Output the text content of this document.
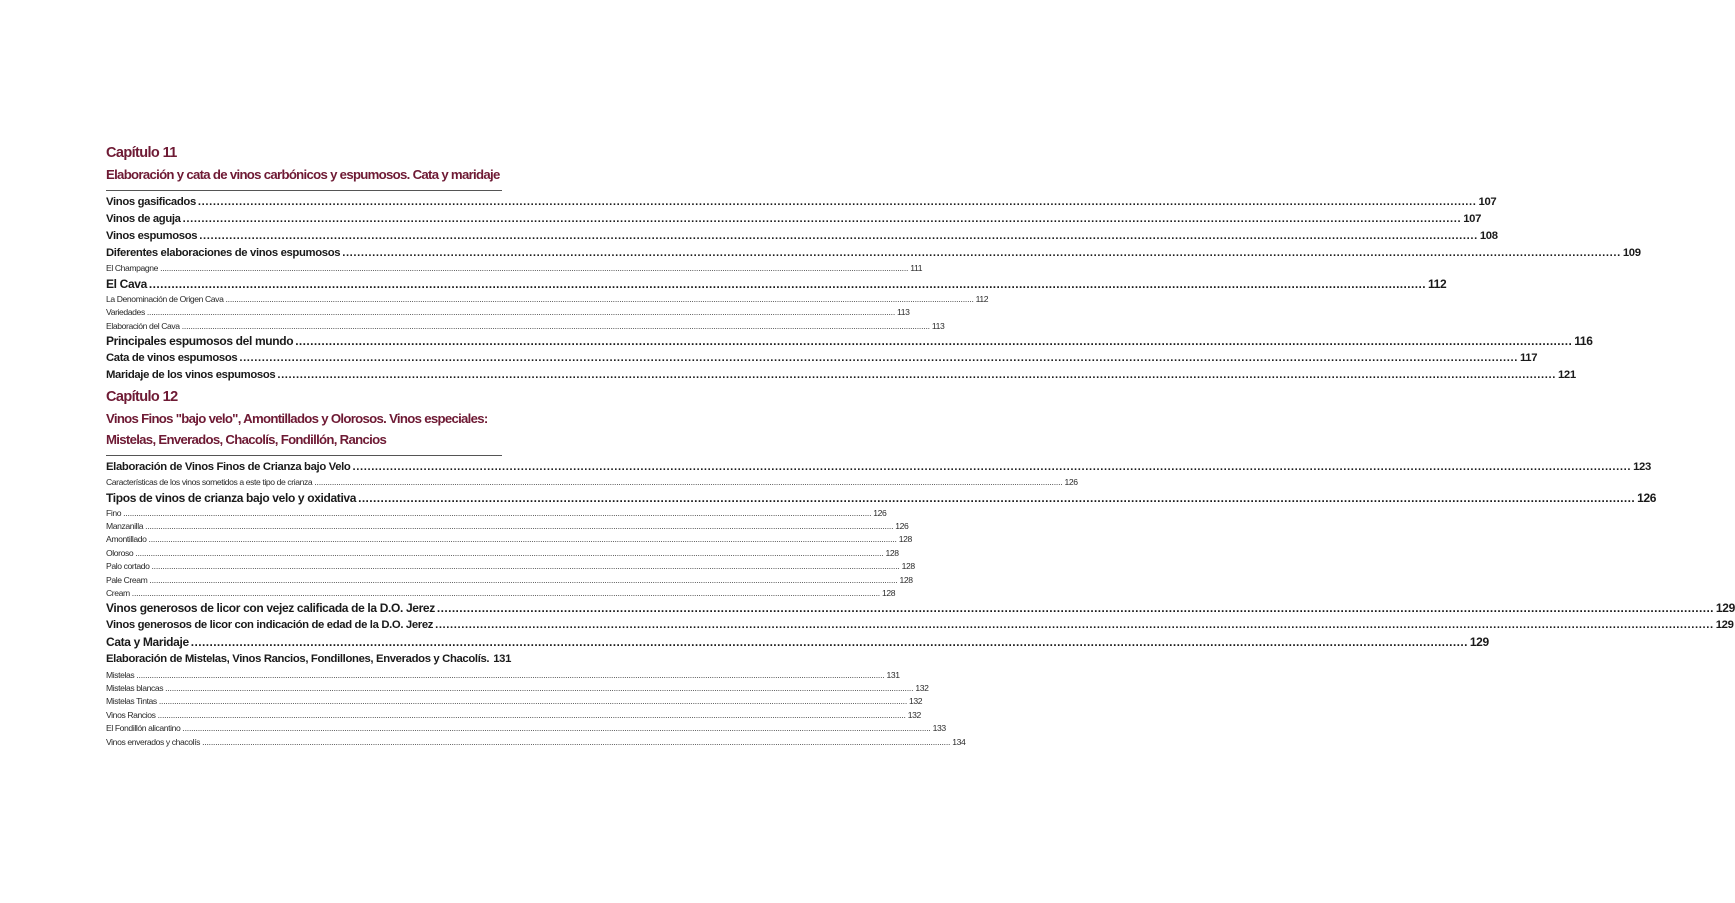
Capítulo 11
Elaboración y cata de vinos carbónicos y espumosos. Cata y maridaje
Vinos gasificados .....	107
Vinos de aguja .....	107
Vinos espumosos .....	108
Diferentes elaboraciones de vinos espumosos .....	109
El Champagne .....	111
El Cava .....	112
La Denominación de Origen Cava .....	112
Variedades .....	113
Elaboración del Cava .....	113
Principales espumosos del mundo .....	116
Cata de vinos espumosos .....	117
Maridaje de los vinos espumosos .....	121
Capítulo 12
Vinos Finos "bajo velo", Amontillados y Olorosos. Vinos especiales: Mistelas, Enverados, Chacolís, Fondillón, Rancios
Elaboración de Vinos Finos de Crianza bajo Velo .....	123
Características de los vinos sometidos a este tipo de crianza .....	126
Tipos de vinos de crianza bajo velo y oxidativa .....	126
Fino .....	126
Manzanilla .....	126
Amontillado .....	128
Oloroso .....	128
Palo cortado .....	128
Pale Cream .....	128
Cream .....	128
Vinos generosos de licor con vejez calificada de la D.O. Jerez .....	129
Vinos generosos de licor con indicación de edad de la D.O. Jerez .....	129
Cata y Maridaje .....	129
Elaboración de Mistelas, Vinos Rancios, Fondillones, Enverados y Chacolís. 131
Mistelas .....	131
Mistelas blancas .....	132
Mistelas Tintas .....	132
Vinos Rancios .....	132
El Fondillón alicantino .....	133
Vinos enverados y chacolís .....	134
